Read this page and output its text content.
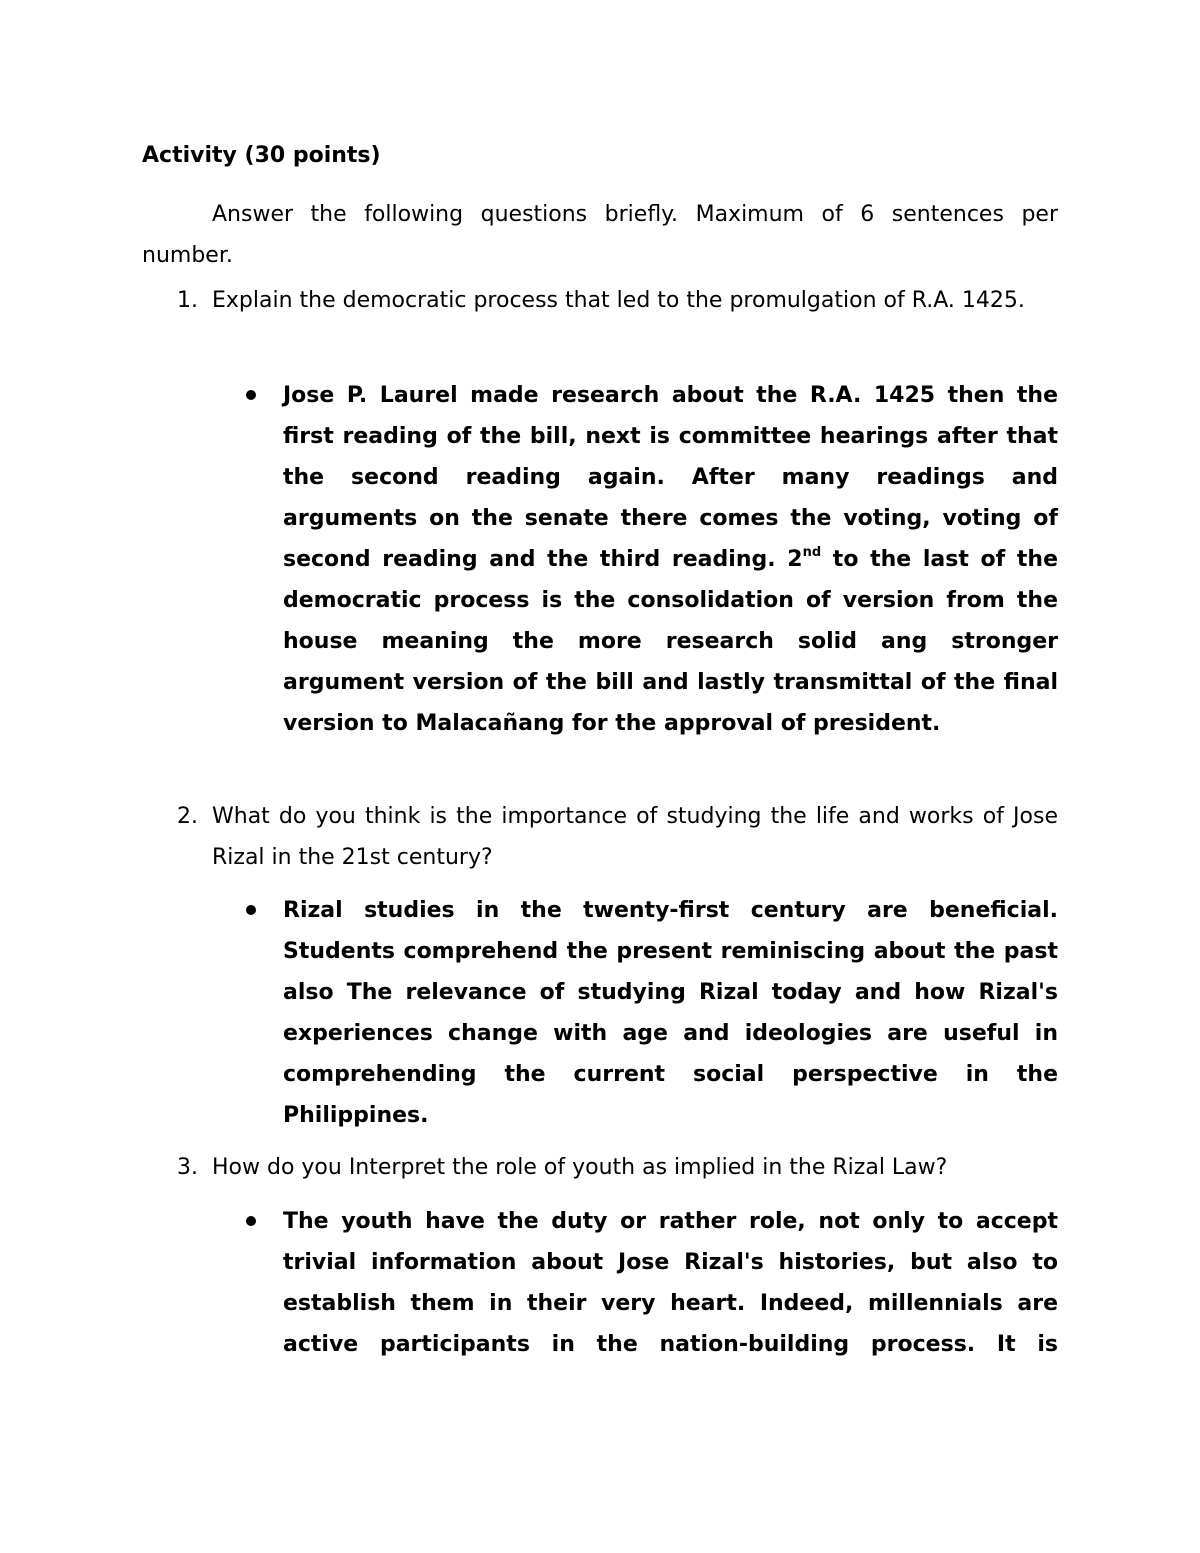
Activity (30 points)

Answer the following questions briefly. Maximum of 6 sentences per number.

1. Explain the democratic process that led to the promulgation of R.A. 1425.

Jose P. Laurel made research about the R.A. 1425 then the first reading of the bill, next is committee hearings after that the second reading again. After many readings and arguments on the senate there comes the voting, voting of second reading and the third reading. 2nd to the last of the democratic process is the consolidation of version from the house meaning the more research solid ang stronger argument version of the bill and lastly transmittal of the final version to Malacañang for the approval of president.

2. What do you think is the importance of studying the life and works of Jose Rizal in the 21st century?

Rizal studies in the twenty-first century are beneficial. Students comprehend the present reminiscing about the past also The relevance of studying Rizal today and how Rizal's experiences change with age and ideologies are useful in comprehending the current social perspective in the Philippines.

3. How do you Interpret the role of youth as implied in the Rizal Law?

The youth have the duty or rather role, not only to accept trivial information about Jose Rizal's histories, but also to establish them in their very heart. Indeed, millennials are active participants in the nation-building process. It is
